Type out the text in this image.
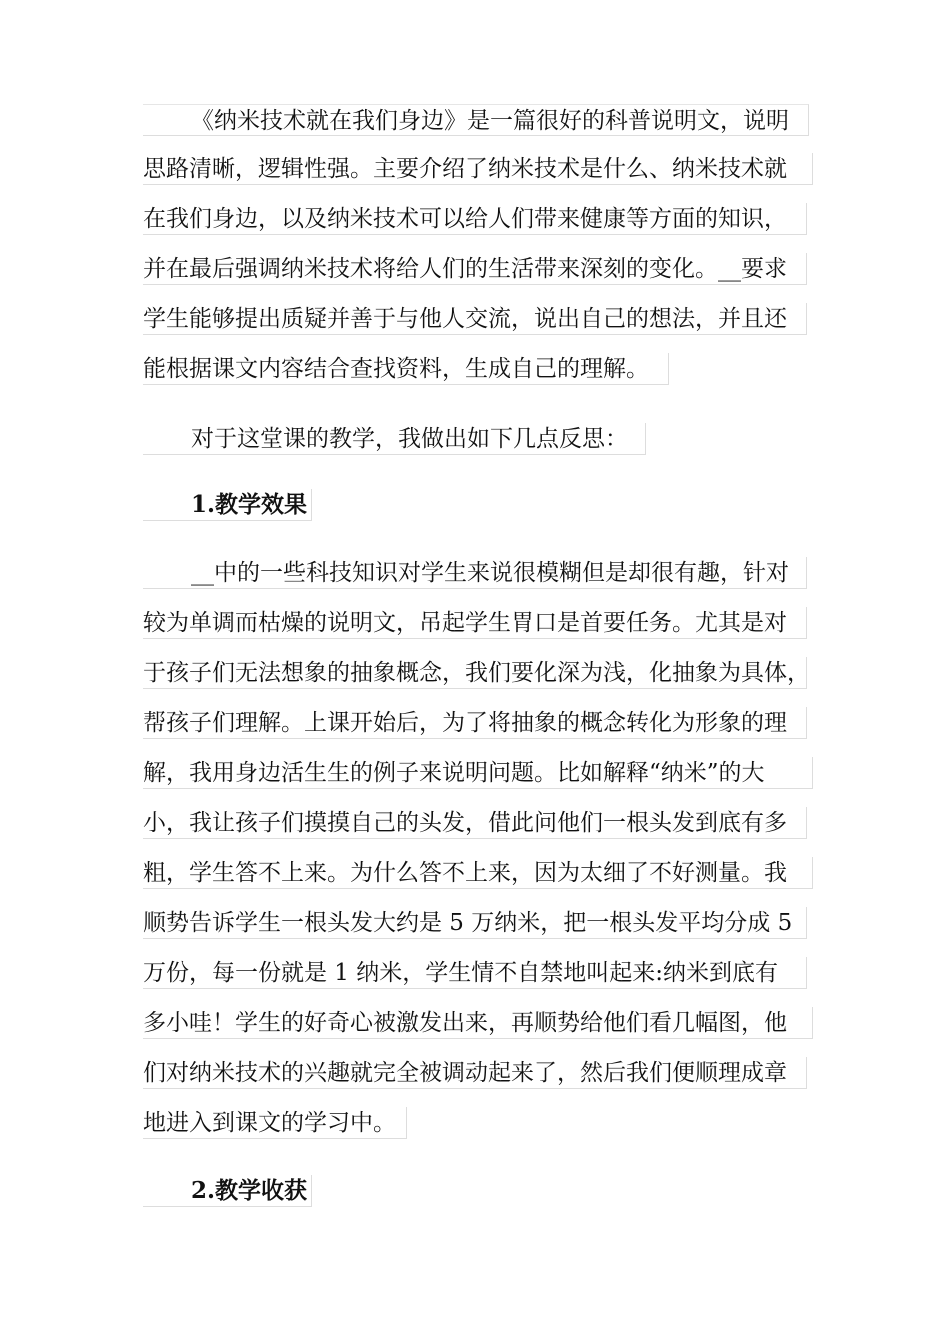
《纳米技术就在我们身边》是一篇很好的科普说明文，说明
思路清晰，逻辑性强。主要介绍了纳米技术是什么、纳米技术就
在我们身边，以及纳米技术可以给人们带来健康等方面的知识，
并在最后强调纳米技术将给人们的生活带来深刻的变化。__要求
学生能够提出质疑并善于与他人交流，说出自己的想法，并且还
能根据课文内容结合查找资料，生成自己的理解。
对于这堂课的教学，我做出如下几点反思：
1.教学效果
__中的一些科技知识对学生来说很模糊但是却很有趣，针对
较为单调而枯燥的说明文，吊起学生胃口是首要任务。尤其是对
于孩子们无法想象的抽象概念，我们要化深为浅，化抽象为具体，
帮孩子们理解。上课开始后，为了将抽象的概念转化为形象的理
解，我用身边活生生的例子来说明问题。比如解释“纳米”的大
小，我让孩子们摸摸自己的头发，借此问他们一根头发到底有多
粗，学生答不上来。为什么答不上来，因为太细了不好测量。我
顺势告诉学生一根头发大约是 5 万纳米，把一根头发平均分成 5
万份，每一份就是 1 纳米，学生情不自禁地叫起来:纳米到底有
多小哇！学生的好奇心被激发出来，再顺势给他们看几幅图，他
们对纳米技术的兴趣就完全被调动起来了，然后我们便顺理成章
地进入到课文的学习中。
2.教学收获
